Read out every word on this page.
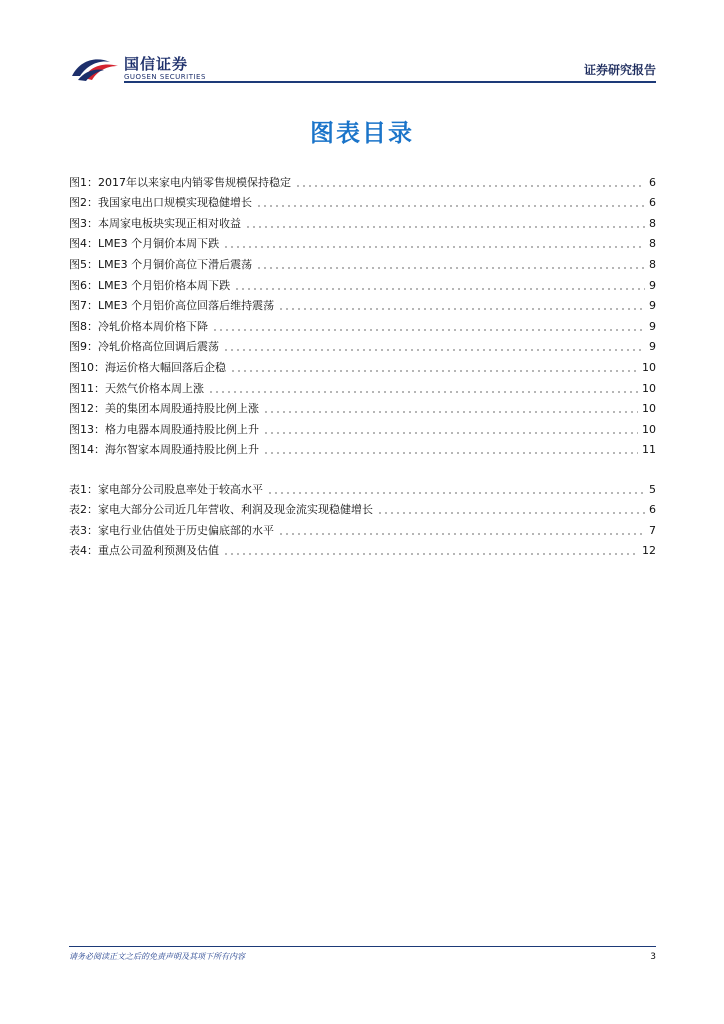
国信证券
GUOSEN SECURITIES	证券研究报告
图表目录
图1： 2017年以来家电内销零售规模保持稳定	6
图2： 我国家电出口规模实现稳健增长	6
图3： 本周家电板块实现正相对收益	8
图4： LME3 个月铜价本周下跌	8
图5： LME3 个月铜价高位下滑后震荡	8
图6： LME3 个月铝价格本周下跌	9
图7： LME3 个月铝价高位回落后维持震荡	9
图8： 冷轧价格本周价格下降	9
图9： 冷轧价格高位回调后震荡	9
图10： 海运价格大幅回落后企稳	10
图11： 天然气价格本周上涨	10
图12： 美的集团本周股通持股比例上涨	10
图13： 格力电器本周股通持股比例上升	10
图14： 海尔智家本周股通持股比例上升	11
表1： 家电部分公司股息率处于较高水平	5
表2： 家电大部分公司近几年营收、利润及现金流实现稳健增长	6
表3： 家电行业估值处于历史偏底部的水平	7
表4： 重点公司盈利预测及估值	12
请务必阅读正文之后的免责声明及其项下所有内容	3
